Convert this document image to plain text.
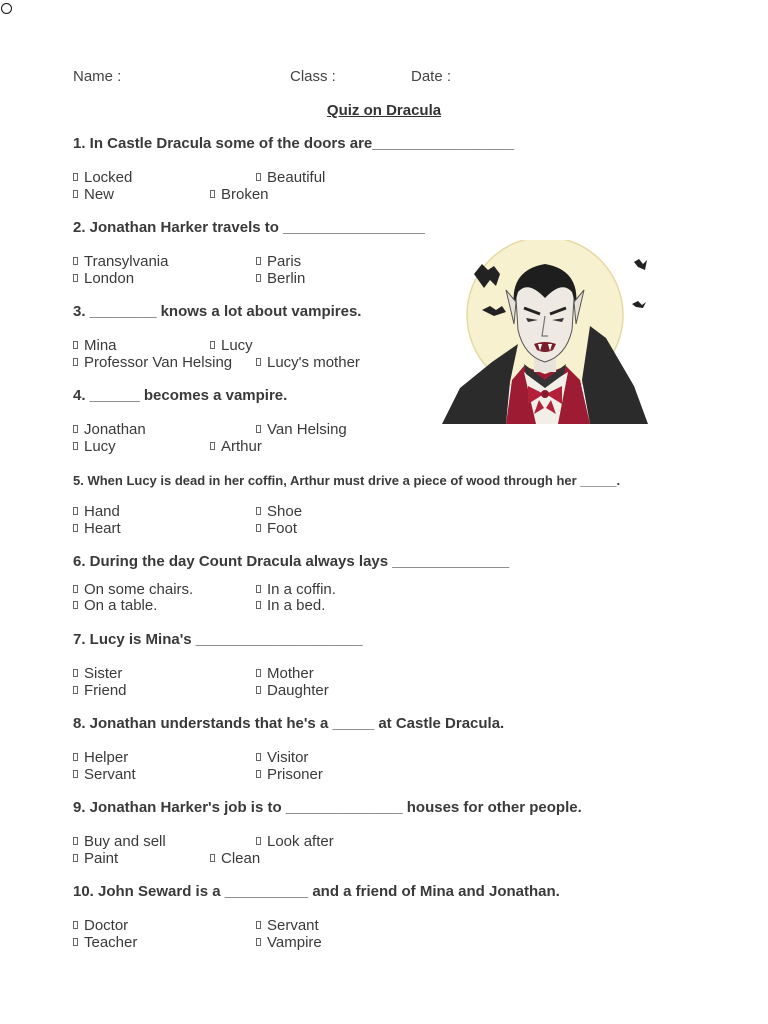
Name :	Class :	Date :
Quiz on Dracula
1. In Castle Dracula some of the doors are_________________
Locked	Beautiful
New	Broken
2. Jonathan Harker travels to _________________
Transylvania	Paris
London	Berlin
3. ________ knows a lot about vampires.
Mina	Lucy
Professor Van Helsing	Lucy's mother
4. ______ becomes a vampire.
Jonathan	Van Helsing
Lucy	Arthur
5. When Lucy is dead in her coffin, Arthur must drive a piece of wood through her _____.
Hand	Shoe
Heart	Foot
6. During the day Count Dracula always lays ______________
On some chairs.	In a coffin.
On a table.	In a bed.
7. Lucy is Mina's ____________________
Sister	Mother
Friend	Daughter
8. Jonathan understands that he's a _____ at Castle Dracula.
Helper	Visitor
Servant	Prisoner
9. Jonathan Harker's job is to ______________ houses for other people.
Buy and sell	Look after
Paint	Clean
10. John Seward is a __________ and a friend of Mina and Jonathan.
Doctor	Servant
Teacher	Vampire
